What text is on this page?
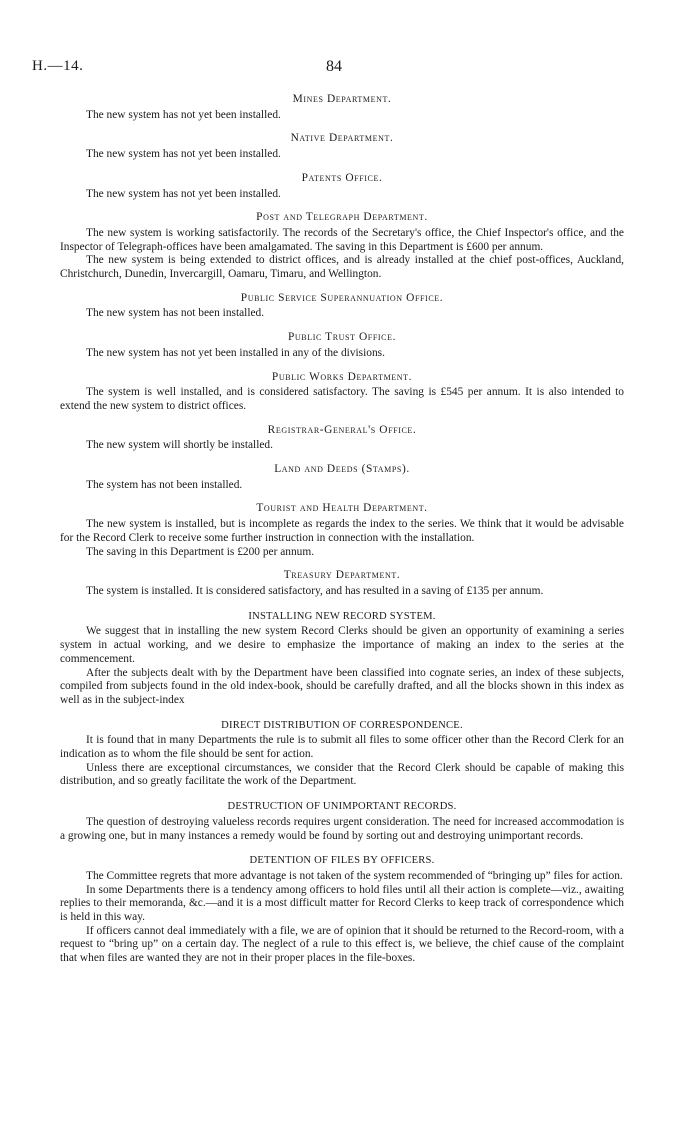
H.—14.	84
Mines Department.

The new system has not yet been installed.

Native Department.

The new system has not yet been installed.

Patents Office.

The new system has not yet been installed.

Post and Telegraph Department.

The new system is working satisfactorily. The records of the Secretary's office, the Chief Inspector's office, and the Inspector of Telegraph-offices have been amalgamated. The saving in this Department is £600 per annum.

The new system is being extended to district offices, and is already installed at the chief post-offices, Auckland, Christchurch, Dunedin, Invercargill, Oamaru, Timaru, and Wellington.

Public Service Superannuation Office.

The new system has not been installed.

Public Trust Office.

The new system has not yet been installed in any of the divisions.

Public Works Department.

The system is well installed, and is considered satisfactory. The saving is £545 per annum. It is also intended to extend the new system to district offices.

Registrar-General's Office.

The new system will shortly be installed.

Land and Deeds (Stamps).

The system has not been installed.

Tourist and Health Department.

The new system is installed, but is incomplete as regards the index to the series. We think that it would be advisable for the Record Clerk to receive some further instruction in connection with the installation.

The saving in this Department is £200 per annum.

Treasury Department.

The system is installed. It is considered satisfactory, and has resulted in a saving of £135 per annum.

INSTALLING NEW RECORD SYSTEM.

We suggest that in installing the new system Record Clerks should be given an opportunity of examining a series system in actual working, and we desire to emphasize the importance of making an index to the series at the commencement.

After the subjects dealt with by the Department have been classified into cognate series, an index of these subjects, compiled from subjects found in the old index-book, should be carefully drafted, and all the blocks shown in this index as well as in the subject-index

DIRECT DISTRIBUTION OF CORRESPONDENCE.

It is found that in many Departments the rule is to submit all files to some officer other than the Record Clerk for an indication as to whom the file should be sent for action.

Unless there are exceptional circumstances, we consider that the Record Clerk should be capable of making this distribution, and so greatly facilitate the work of the Department.

DESTRUCTION OF UNIMPORTANT RECORDS.

The question of destroying valueless records requires urgent consideration. The need for increased accommodation is a growing one, but in many instances a remedy would be found by sorting out and destroying unimportant records.

DETENTION OF FILES BY OFFICERS.

The Committee regrets that more advantage is not taken of the system recommended of “bringing up” files for action.

In some Departments there is a tendency among officers to hold files until all their action is complete—viz., awaiting replies to their memoranda, &c.—and it is a most difficult matter for Record Clerks to keep track of correspondence which is held in this way.

If officers cannot deal immediately with a file, we are of opinion that it should be returned to the Record-room, with a request to “bring up” on a certain day. The neglect of a rule to this effect is, we believe, the chief cause of the complaint that when files are wanted they are not in their proper places in the file-boxes.
